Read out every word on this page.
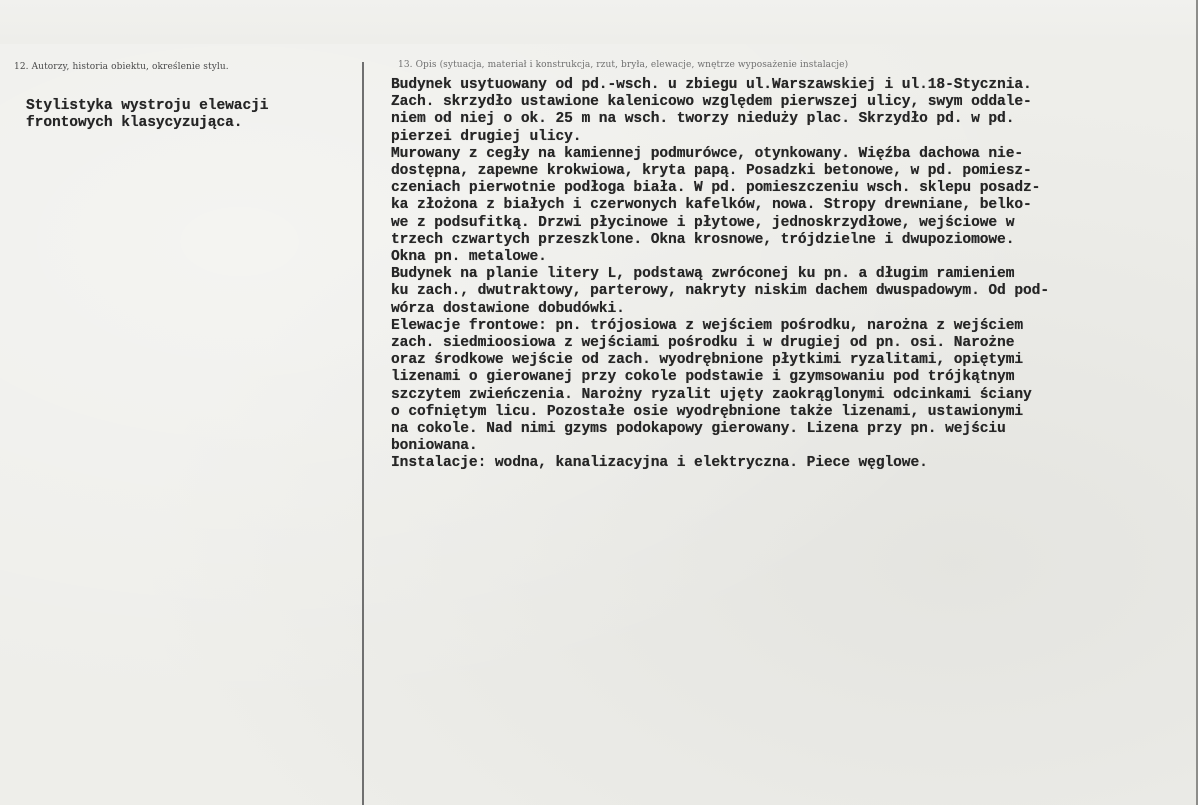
12. Autorzy, historia obiektu, określenie stylu.	13. Opis (sytuacja, materiał i konstrukcja, rzut, bryła, elewacje, wnętrze wyposażenie instalacje)
Stylistyka wystroju elewacji
frontowych klasycyzująca.
Budynek usytuowany od pd.-wsch. u zbiegu ul.Warszawskiej i ul.18-Stycznia.
Zach. skrzydło ustawione kalenicowo względem pierwszej ulicy, swym oddale-
niem od niej o ok. 25 m na wsch. tworzy nieduży plac. Skrzydło pd. w pd.
pierzei drugiej ulicy.
Murowany z cegły na kamiennej podmurówce, otynkowany. Więźba dachowa nie-
dostępna, zapewne krokwiowa, kryta papą. Posadzki betonowe, w pd. pomiesz-
czeniach pierwotnie podłoga biała. W pd. pomieszczeniu wsch. sklepu posadz-
ka złożona z białych i czerwonych kafelków, nowa. Stropy drewniane, belko-
we z podsufitką. Drzwi płycinowe i płytowe, jednoskrzydłowe, wejściowe w
trzech czwartych przeszklone. Okna krosnowe, trójdzielne i dwupoziomowe.
Okna pn. metalowe.
Budynek na planie litery L, podstawą zwróconej ku pn. a długim ramieniem
ku zach., dwutraktowy, parterowy, nakryty niskim dachem dwuspadowym. Od pod-
wórza dostawione dobudówki.
Elewacje frontowe: pn. trójosiowa z wejściem pośrodku, narożna z wejściem
zach. siedmioosiowa z wejściami pośrodku i w drugiej od pn. osi. Narożne
oraz środkowe wejście od zach. wyodrębnione płytkimi ryzalitami, opiętymi
lizenami o gierowanej przy cokole podstawie i gzymsowaniu pod trójkątnym
szczytem zwieńczenia. Narożny ryzalit ujęty zaokrąglonymi odcinkami ściany
o cofniętym licu. Pozostałe osie wyodrębnione także lizenami, ustawionymi
na cokole. Nad nimi gzyms podokapowy gierowany. Lizena przy pn. wejściu
boniowana.
Instalacje: wodna, kanalizacyjna i elektryczna. Piece węglowe.
